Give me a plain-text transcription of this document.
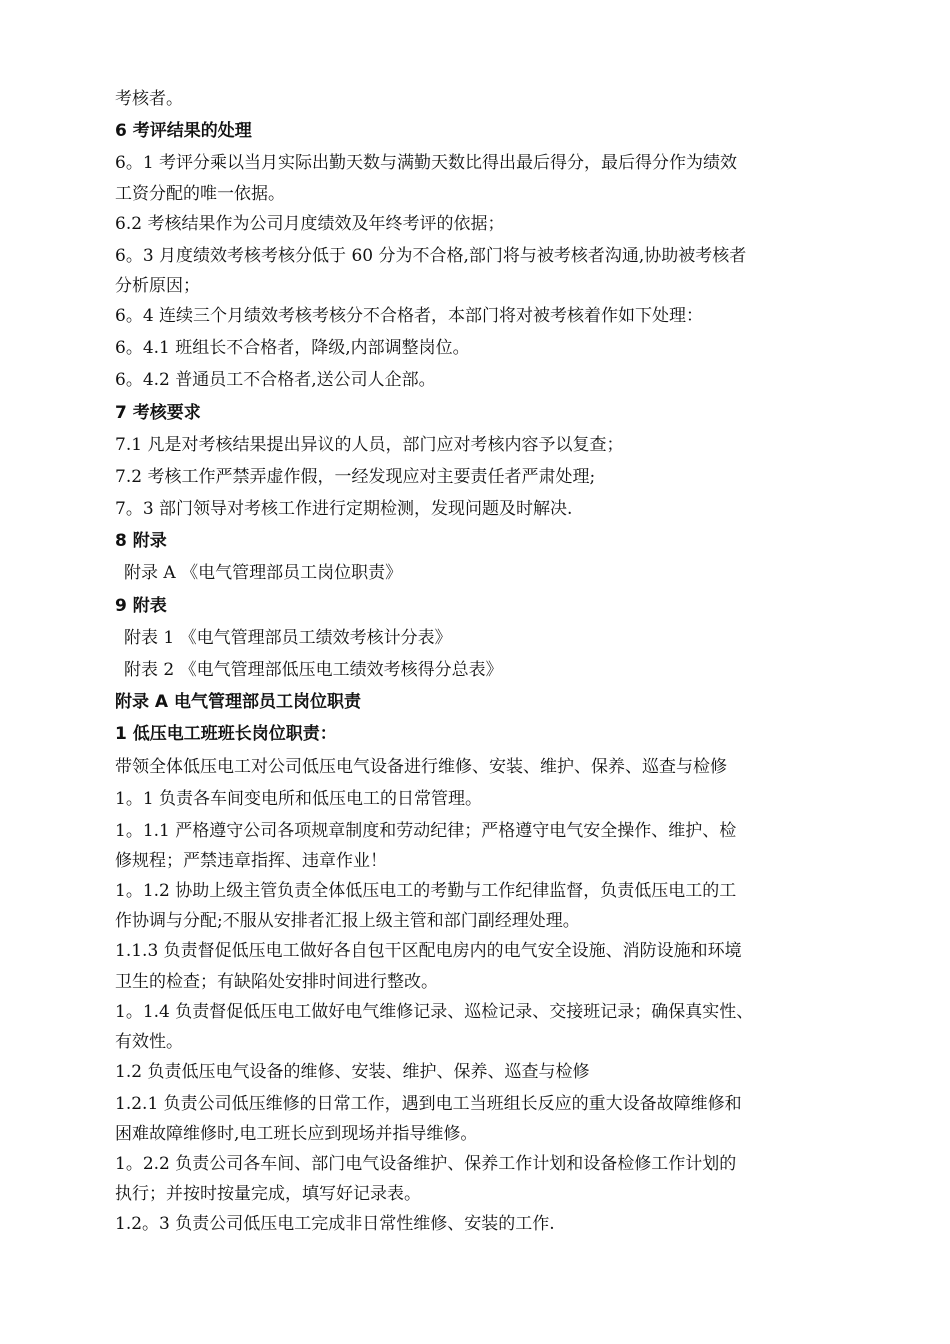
考核者。
6 考评结果的处理
6。1 考评分乘以当月实际出勤天数与满勤天数比得出最后得分，最后得分作为绩效
工资分配的唯一依据。
6.2 考核结果作为公司月度绩效及年终考评的依据；
6。3 月度绩效考核考核分低于 60 分为不合格,部门将与被考核者沟通,协助被考核者
分析原因；
6。4 连续三个月绩效考核考核分不合格者，本部门将对被考核着作如下处理：
6。4.1 班组长不合格者，降级,内部调整岗位。
6。4.2 普通员工不合格者,送公司人企部。
7 考核要求
7.1 凡是对考核结果提出异议的人员，部门应对考核内容予以复查；
7.2 考核工作严禁弄虚作假，一经发现应对主要责任者严肃处理;
7。3 部门领导对考核工作进行定期检测，发现问题及时解决.
8 附录
附录 A 《电气管理部员工岗位职责》
9 附表
附表 1 《电气管理部员工绩效考核计分表》
附表 2 《电气管理部低压电工绩效考核得分总表》
附录 A 电气管理部员工岗位职责
1 低压电工班班长岗位职责：
带领全体低压电工对公司低压电气设备进行维修、安装、维护、保养、巡查与检修
1。1 负责各车间变电所和低压电工的日常管理。
1。1.1 严格遵守公司各项规章制度和劳动纪律；严格遵守电气安全操作、维护、检
修规程；严禁违章指挥、违章作业！
1。1.2 协助上级主管负责全体低压电工的考勤与工作纪律监督，负责低压电工的工
作协调与分配;不服从安排者汇报上级主管和部门副经理处理。
1.1.3 负责督促低压电工做好各自包干区配电房内的电气安全设施、消防设施和环境
卫生的检查；有缺陷处安排时间进行整改。
1。1.4 负责督促低压电工做好电气维修记录、巡检记录、交接班记录；确保真实性、
有效性。
1.2 负责低压电气设备的维修、安装、维护、保养、巡查与检修
1.2.1 负责公司低压维修的日常工作，遇到电工当班组长反应的重大设备故障维修和
困难故障维修时,电工班长应到现场并指导维修。
1。2.2 负责公司各车间、部门电气设备维护、保养工作计划和设备检修工作计划的
执行；并按时按量完成，填写好记录表。
1.2。3 负责公司低压电工完成非日常性维修、安装的工作.
